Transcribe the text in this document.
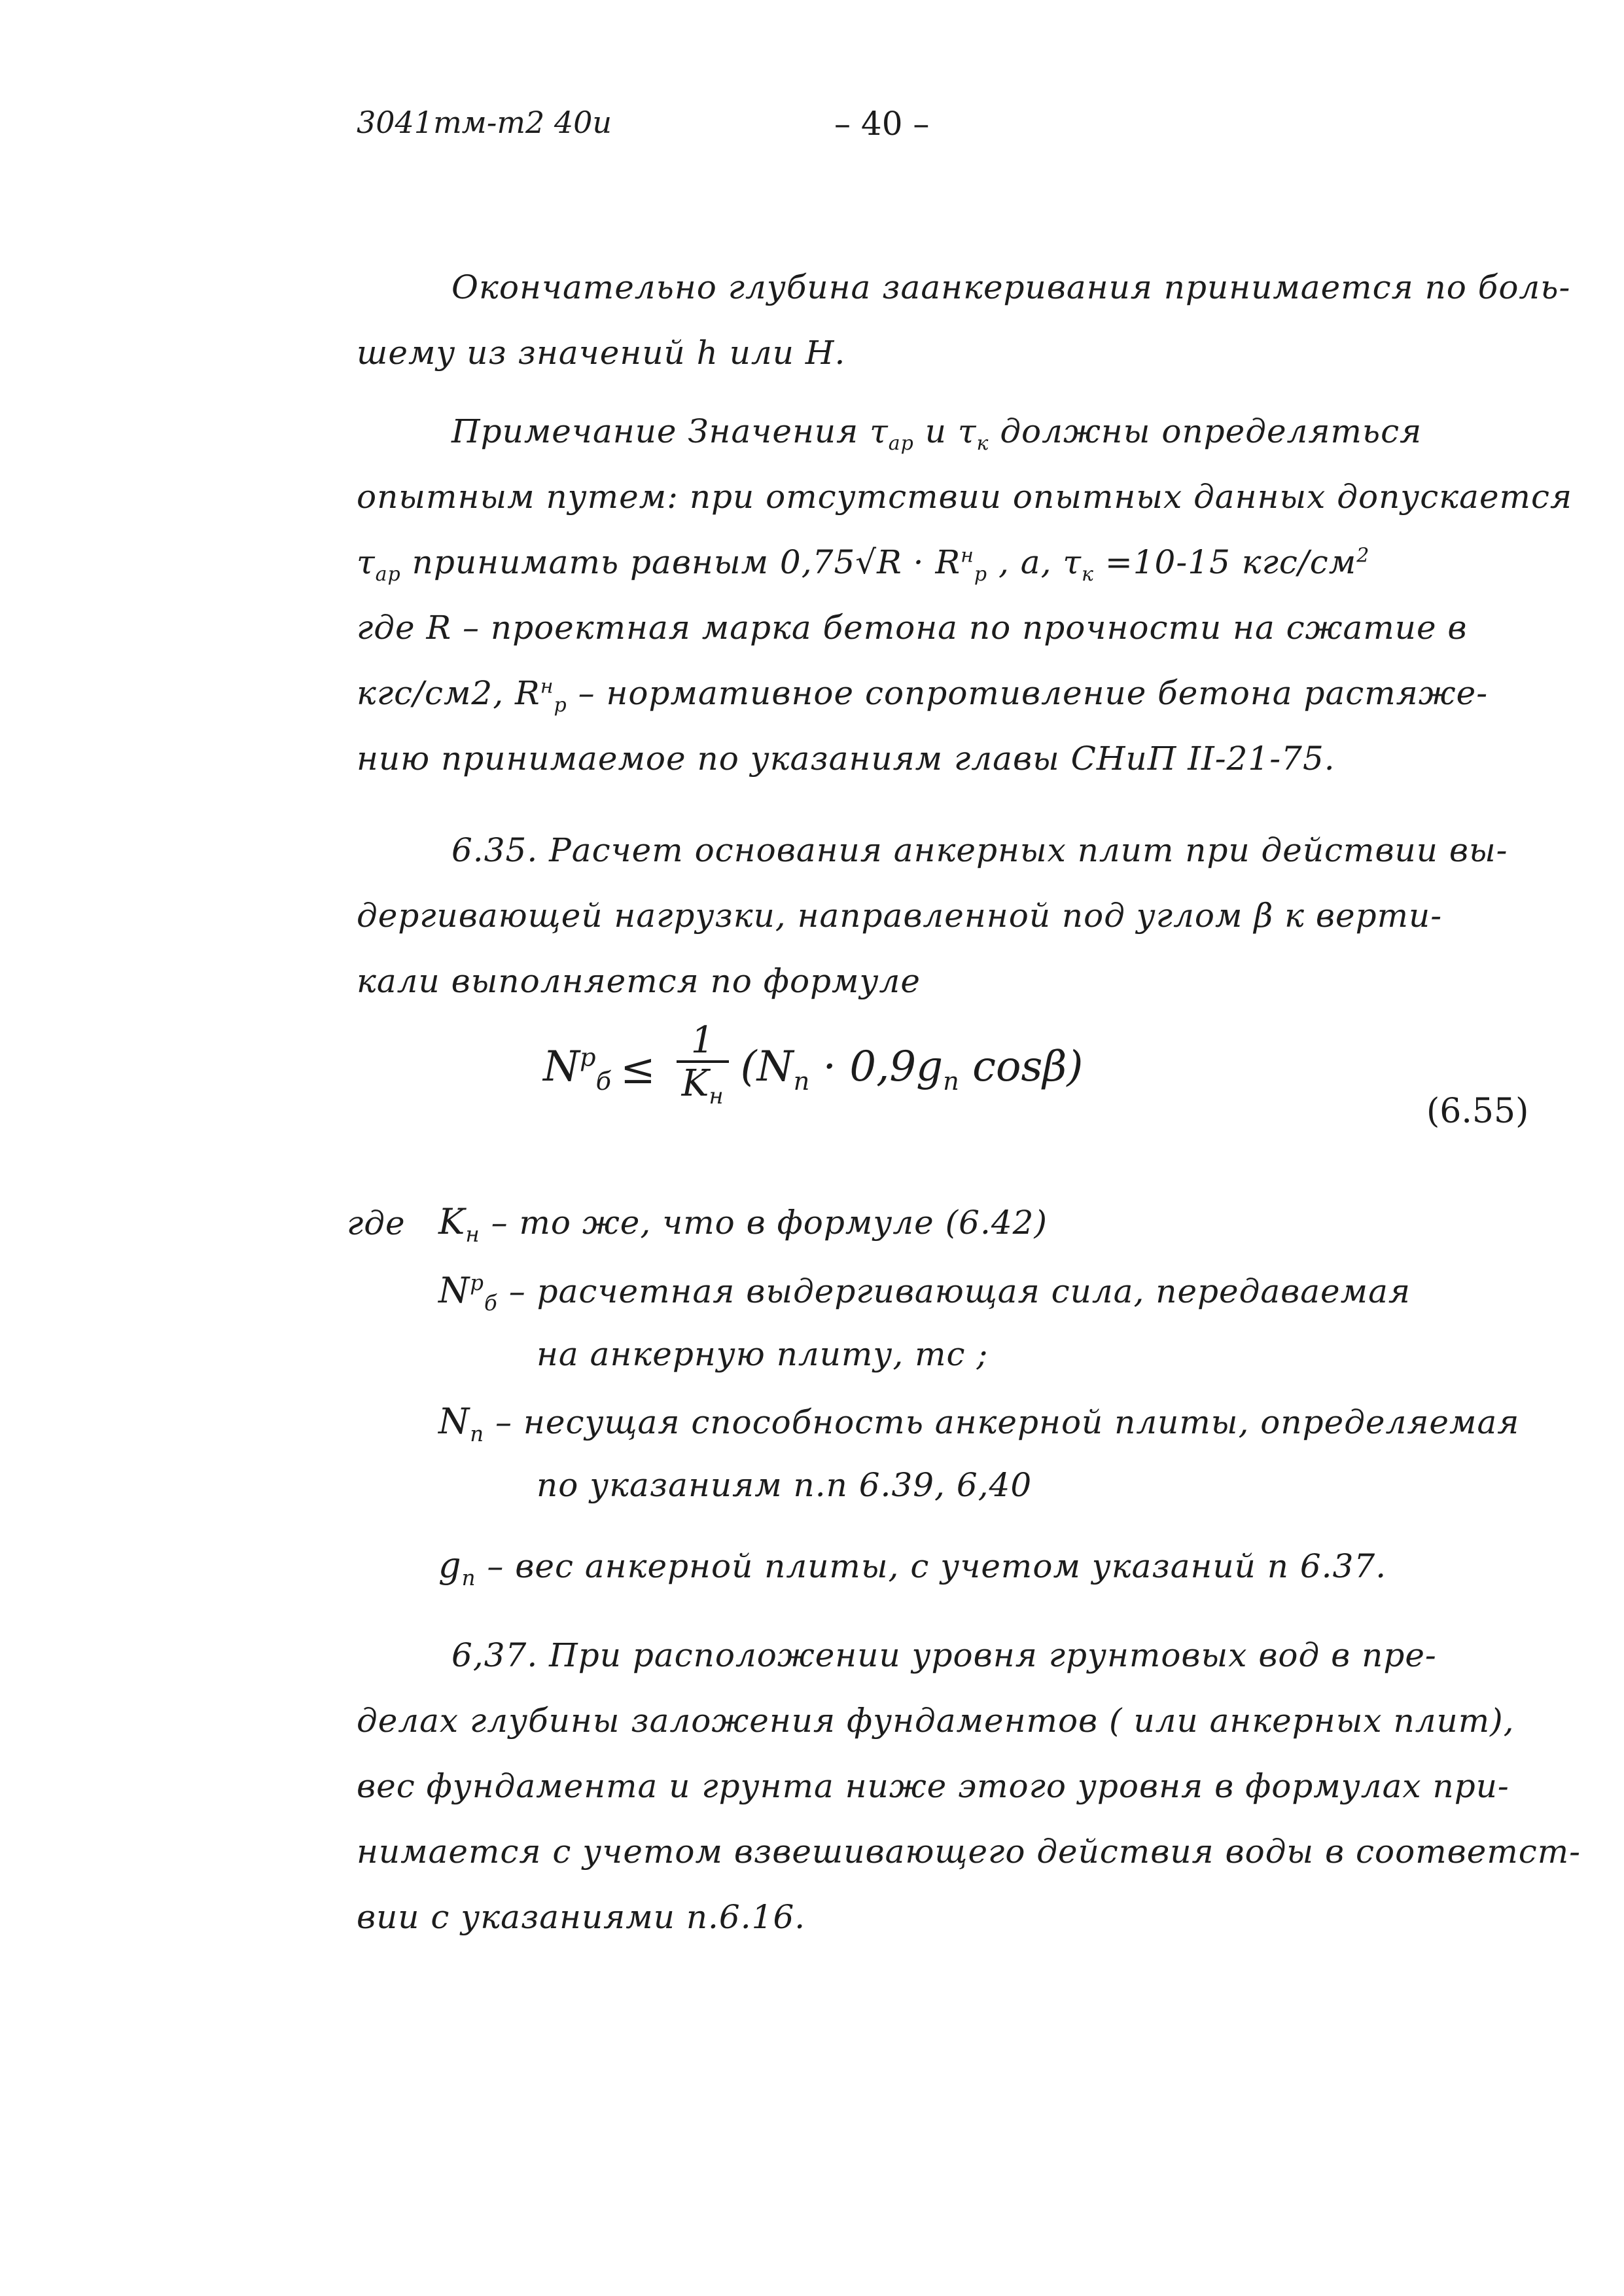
3041тм-т2 40и	– 40 –
Окончательно глубина заанкеривания принимается по боль-
шему из значений h или H.
Примечание Значения $\tau_{ар}$ и $\tau_к$ должны определяться
опытным путем: при отсутствии опытных данных допускается
$\tau_{ар}$ принимать равным $0,75√R \cdot R^н_р$ , а, $\tau_к =10-15$ кгс/$см^2$
где R – проектная марка бетона по прочности на сжатие в
кгс/см2, $R^н_р$ – нормативное сопротивление бетона растяже-
нию принимаемое по указаниям главы СНиП II-21-75.
6.35. Расчет основания анкерных плит при действии вы-
дергивающей нагрузки, направленной под углом β к верти-
кали выполняется по формуле
$N^р_б \le \frac{1}{K_н} (N_п \cdot 0,9g_п$ cosβ)
(6.55)
где $K_н$ – то же, что в формуле (6.42)
$N^р_б$ – расчетная выдергивающая сила, передаваемая
на анкерную плиту, тс ;
$N_п$ – несущая способность анкерной плиты, определяемая
по указаниям п.п 6.39, 6,40
$g_п$ – вес анкерной плиты, с учетом указаний п 6.37.
6,37. При расположении уровня грунтовых вод в пре-
делах глубины заложения фундаментов ( или анкерных плит),
вес фундамента и грунта ниже этого уровня в формулах при-
нимается с учетом взвешивающего действия воды в соответст-
вии с указаниями п.6.16.
